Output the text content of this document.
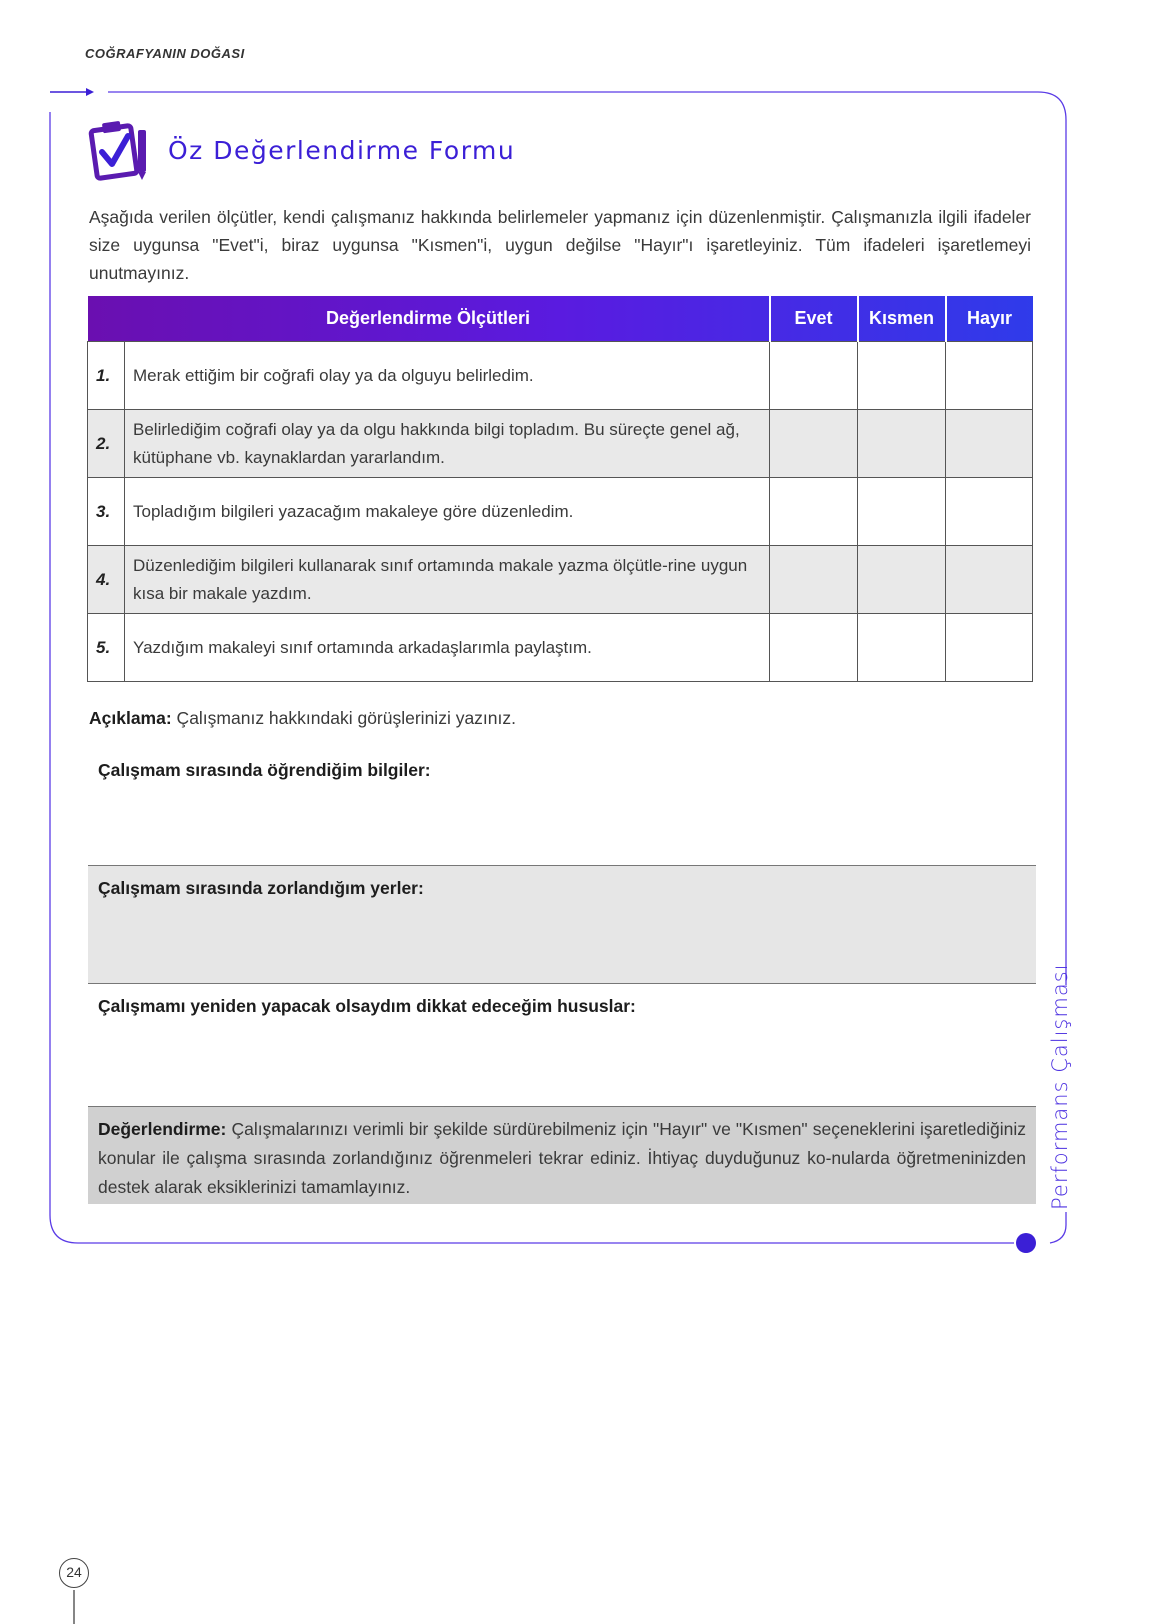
COĞRAFYANIN DOĞASI
Öz Değerlendirme Formu
Aşağıda verilen ölçütler, kendi çalışmanız hakkında belirlemeler yapmanız için düzenlenmiştir. Çalışmanızla ilgili ifadeler size uygunsa "Evet"i, biraz uygunsa "Kısmen"i, uygun değilse "Hayır"ı işaretleyiniz. Tüm ifadeleri işaretlemeyi unutmayınız.
Değerlendirme Ölçütleri		Evet	Kısmen	Hayır
1.	Merak ettiğim bir coğrafi olay ya da olguyu belirledim.			
2.	Belirlediğim coğrafi olay ya da olgu hakkında bilgi topladım. Bu süreçte genel ağ, kütüphane vb. kaynaklardan yararlandım.			
3.	Topladığım bilgileri yazacağım makaleye göre düzenledim.			
4.	Düzenlediğim bilgileri kullanarak sınıf ortamında makale yazma ölçütle-rine uygun kısa bir makale yazdım.			
5.	Yazdığım makaleyi sınıf ortamında arkadaşlarımla paylaştım.			
Açıklama: Çalışmanız hakkındaki görüşlerinizi yazınız.
Çalışmam sırasında öğrendiğim bilgiler:
Çalışmam sırasında zorlandığım yerler:
Çalışmamı yeniden yapacak olsaydım dikkat edeceğim hususlar:
Değerlendirme: Çalışmalarınızı verimli bir şekilde sürdürebilmeniz için "Hayır" ve "Kısmen" seçeneklerini işaretlediğiniz konular ile çalışma sırasında zorlandığınız öğrenmeleri tekrar ediniz. İhtiyaç duyduğunuz ko-nularda öğretmeninizden destek alarak eksiklerinizi tamamlayınız.	Performans Çalışması
24
